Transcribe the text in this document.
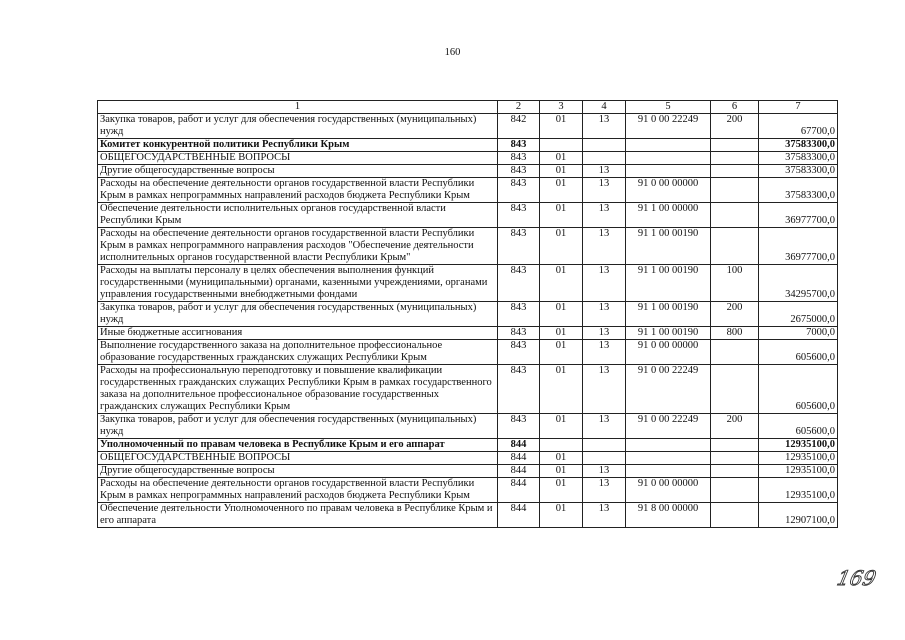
160
1	2	3	4	5	6	7
Закупка товаров, работ и услуг для обеспечения государственных (муниципальных) нужд	842	01	13	91 0 00 22249	200	67700,0
Комитет конкурентной политики Республики Крым	843					37583300,0
ОБЩЕГОСУДАРСТВЕННЫЕ ВОПРОСЫ	843	01				37583300,0
Другие общегосударственные вопросы	843	01	13			37583300,0
Расходы на обеспечение деятельности органов государственной власти Республики Крым в рамках непрограммных направлений расходов бюджета Республики Крым	843	01	13	91 0 00 00000		37583300,0
Обеспечение деятельности исполнительных органов государственной власти Республики Крым	843	01	13	91 1 00 00000		36977700,0
Расходы на обеспечение деятельности органов государственной власти Республики Крым в рамках непрограммного направления расходов "Обеспечение деятельности исполнительных органов государственной власти Республики Крым"	843	01	13	91 1 00 00190		36977700,0
Расходы на выплаты персоналу в целях обеспечения выполнения функций государственными (муниципальными) органами, казенными учреждениями, органами управления государственными внебюджетными фондами	843	01	13	91 1 00 00190	100	34295700,0
Закупка товаров, работ и услуг для обеспечения государственных (муниципальных) нужд	843	01	13	91 1 00 00190	200	2675000,0
Иные бюджетные ассигнования	843	01	13	91 1 00 00190	800	7000,0
Выполнение государственного заказа на дополнительное профессиональное образование государственных гражданских служащих Республики Крым	843	01	13	91 0 00 00000		605600,0
Расходы на профессиональную переподготовку и повышение квалификации государственных гражданских служащих Республики Крым в рамках государственного заказа на дополнительное профессиональное образование государственных гражданских служащих Республики Крым	843	01	13	91 0 00 22249		605600,0
Закупка товаров, работ и услуг для обеспечения государственных (муниципальных) нужд	843	01	13	91 0 00 22249	200	605600,0
Уполномоченный по правам человека в Республике Крым и его аппарат	844					12935100,0
ОБЩЕГОСУДАРСТВЕННЫЕ ВОПРОСЫ	844	01				12935100,0
Другие общегосударственные вопросы	844	01	13			12935100,0
Расходы на обеспечение деятельности органов государственной власти Республики Крым в рамках непрограммных направлений расходов бюджета Республики Крым	844	01	13	91 0 00 00000		12935100,0
Обеспечение деятельности Уполномоченного по правам человека в Республике Крым и его аппарата	844	01	13	91 8 00 00000		12907100,0
169
